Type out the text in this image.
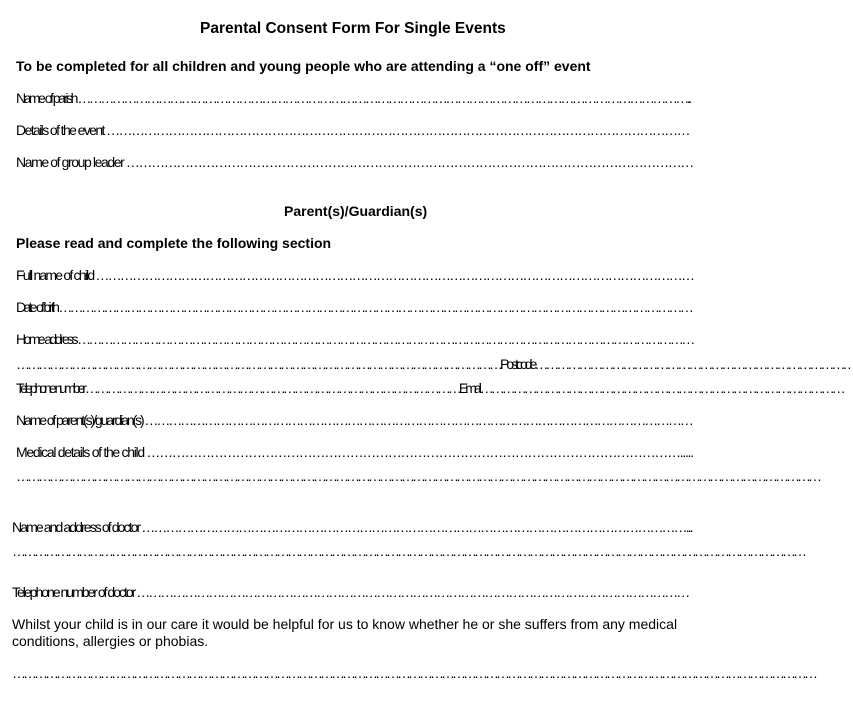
Parental Consent Form For Single Events
To be completed for all children and young people who are attending a “one off” event
Name of parish ……………………………………………………………………………………………………………………………………………..
Details of the event ……………………………………………………………………………………………………………………………
Name of group leader ………………………………………………………………………………………………………………………
Parent(s)/Guardian(s)
Please read and complete the following section
Full name of child …………………………………………………………………………………………………………………………………
Date of birth ……………………………………………………………………………………………………………………………………………………
Home address ………………………………………………………………………………………………………………………………………………
……………………………………………………………………………………………………………………Postcode……………………………………………………………………………
Telephone number …………………………………………………………………………………………Email ………………………………………………………………………………………
Name of parent(s)/guardian(s) …………………………………………………………………………………………………………………………
Medical details of the child ……………………………………………………………………………………………………………….....
…………………………………………………………………………………………………………………………………………………………………………………………………
Name and address of doctor ………………………………………………………………………………………………………………………...
………………………………………………………………………………………………………………………………………………………………………………………………
Telephone number of doctor …………………………………………………………………………………………………………………………
Whilst your child is in our care it would be helpful for us to know whether he or she suffers from any medical conditions, allergies or phobias.
…………………………………………………………………………………………………………………………………………………………………………………………………
